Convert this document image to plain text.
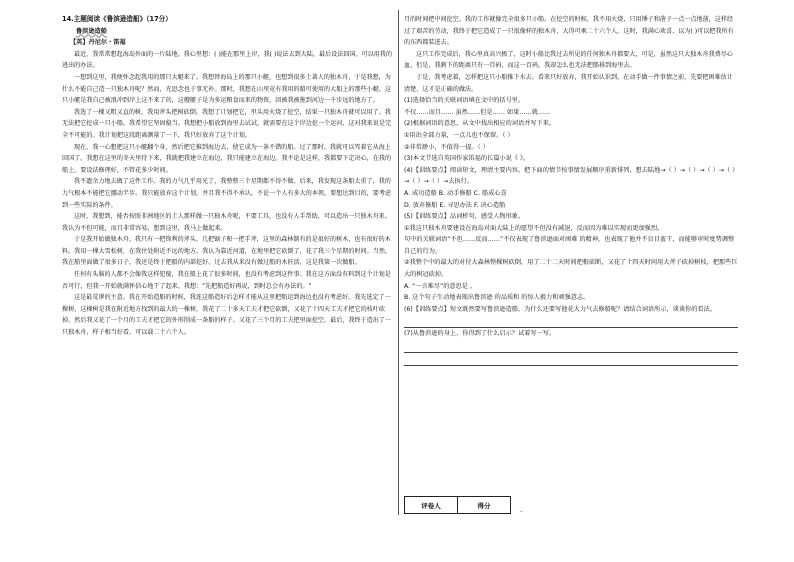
14.主题阅读《鲁滨逊造船》（17分）
鲁滨逊造船
【英】丹尼尔・笛福

最近，我常常想起海岛外面的一片陆地。我心里想：( )能在那里上岸，我( )说法去到大陆，最后设法回国。可以用我的逃出的办法。

一想到这里，我便怀念起我用的那只大艇来了。我想替海岛上的那只小艇，也想到很多土著人的独木舟，于是我想，为什么不能自己造一只独木舟呢？然而，光思念也于事无补。那时，我想在山里竟有我用的船可使用的大船上的那些小艇。这只小艇是我自己被浪冲到岸上这不来了的，这艘艇子是为多运粮食而来的物资，因被我被拖到河边一千步远的地方了。

我选了一棵又粗又直的树，我用斧头把树砍倒。我想了计划把它，里头用火烧了挖空，结果一只独木舟就可以用了。我无法把它挖成一只小船，我希望它坚固稳当。我想把小船放到海里去试试，就需要在这个岸边挖一个运河，这对我来说是完全不可能的。我计划把这段距离测量了一下，我只好放弃了这个计划。

现在，我一心想把这只小艇翻个身，然后把它推到海边去，使它成为一条不错的船。过了那时，我就可以驾着它从海上回国了。我想在这里的冬天里待下来，我就把我建立在海边，我只能建立在海边。我不论是这样，我都要下定决心，在我的船上，要设法修理好，不管花多少时间。

我不遗余力地去做了这件工作。我的力气几乎用光了，我整整三个星期都不得不做。后来，我发现这条船太重了，我的力气根本不能把它挪动半步。我只能放弃这个计划，并且我不得不承认，不论一个人有多大的本领，要想达到目的，要考虑到一些实际的条件。

这时，我想到，能否按照非洲地区的土人那样做一只独木舟呢，不要工具，也没有人手帮助，可以造出一只独木舟来。我认为不但可能，而且非常容易，想到这里，我马上做起来。

于是我开始做独木舟。我只有一把锋利的斧头，几把锯子和一把手斧，这里的森林倒有的是很好的树木，也有很好的木料。我用一棵大雪松树，在我住处附近不远的地方。我认为靠近河道，在地里把它砍倒了，花了我三个星期的时间。当然，我在船里面做了很多日子，我还是终于把船的内部挖好。过去我从来没有做过船的木匠活，这是我第一次做船。

任何有头脑的人都不会像我这样犯傻，我在船上花了很多时间，也没有考虑到这件事。我在这方面没有料到这个计划是否可行，但我一开始就满怀信心地干了起来。我想："先把船造好再说，到时总会有办法的。"

这是最荒谬的主意。我在开始造船的时候，我连这船造好后怎样才能从这里把船运到海边也没有考虑好。我先选定了一棵树，这棵树是我在附近地方找到的最大的一棵树，我花了二十多天工夫才把它砍倒，又花了十四天工夫才把它的枝叶砍掉。然后我又花了一个月的工夫才把它的外形削成一条船的样子。又花了三个月的工夫把里面挖空，最后，我终于造出了一只独木舟，样子相当好看，可以载二十六个人。

月的时间把中间挖空，我的工作就像完全很多只小船。在挖空的时候，我不用火烧，只用锤子和凿子一点一点地凿，这样经过了艰苦的劳动，我终于把它造成了一只很像样的独木舟，大得可乘二十六个人。这时，我满心欢喜，以为( )可以把我所有的东西都装进去。

这只工作完成后，我心里真高兴极了，这时小船比我过去所见的任何独木舟都要大，可是，虽然这只大独木舟我费尽心血，但是，我剩下的距离只有一百码，而这一百码，我却怎么也无法把船移到海里去。

于是，我考虑着，怎样把这只小船推下水去。看来只好放弃，我开始认识到，在动手做一件事情之前，先要把困难估计清楚，这才是正确的做法。

(1)选择恰当的关联词语填在文中的括号里。

不仅……而且…… 虽然……但是…… 如果……就……

(2)根据词语的意思，从文中找出相应的词语并写下来。

①用出全部力量，一点儿也不保留。（ ）

②非常渺小，不值得一提。（ ）

(3)本文节选自英国作家笛福的长篇小说《 》。

(4)【训练要点】阅读短文，理清主要内容，把下面的情节按事情发展顺序重新排列，想去陆地→（ ）→（ ）→（ ）→（ ）→（ ）→（ ）→去执行。

A. 成功造船 B. 动手修船 C. 船成心喜

D. 放弃修船 E. 寻思办法 F. 决心造船

(5)【训练要点】品词析句，感受人物形象。

①我这只独木舟要建设在海岛对面大陆上的愿望不但没有减退，反而因为难以实现而更加强烈。

句中的关联词语“不但……反而……”不仅表现了鲁滨逊面对困难 的精神，也表现了他并不盲目蛮干，而能够审时度势调整自己的行为。

②我整个中的最大的对付大森林整棵树砍倒，用了二十二天时间把根砍断，又花了十四天时间用大斧子砍掉树枝，把那些巨大的树冠砍掉。

A. “一言难尽”的意思是 。

B. 这个句子生动地表现出鲁滨逊 的品质和 的惊人毅力和顽强意志。

(6)【训练要点】短文既然要写鲁滨逊造船，为什么还要写他花大力气去修船呢？请结合词语所示，谈谈你的看法。

(7)从鲁滨逊的身上，你得到了什么启示？试着写一写。

评卷人	得分
.
